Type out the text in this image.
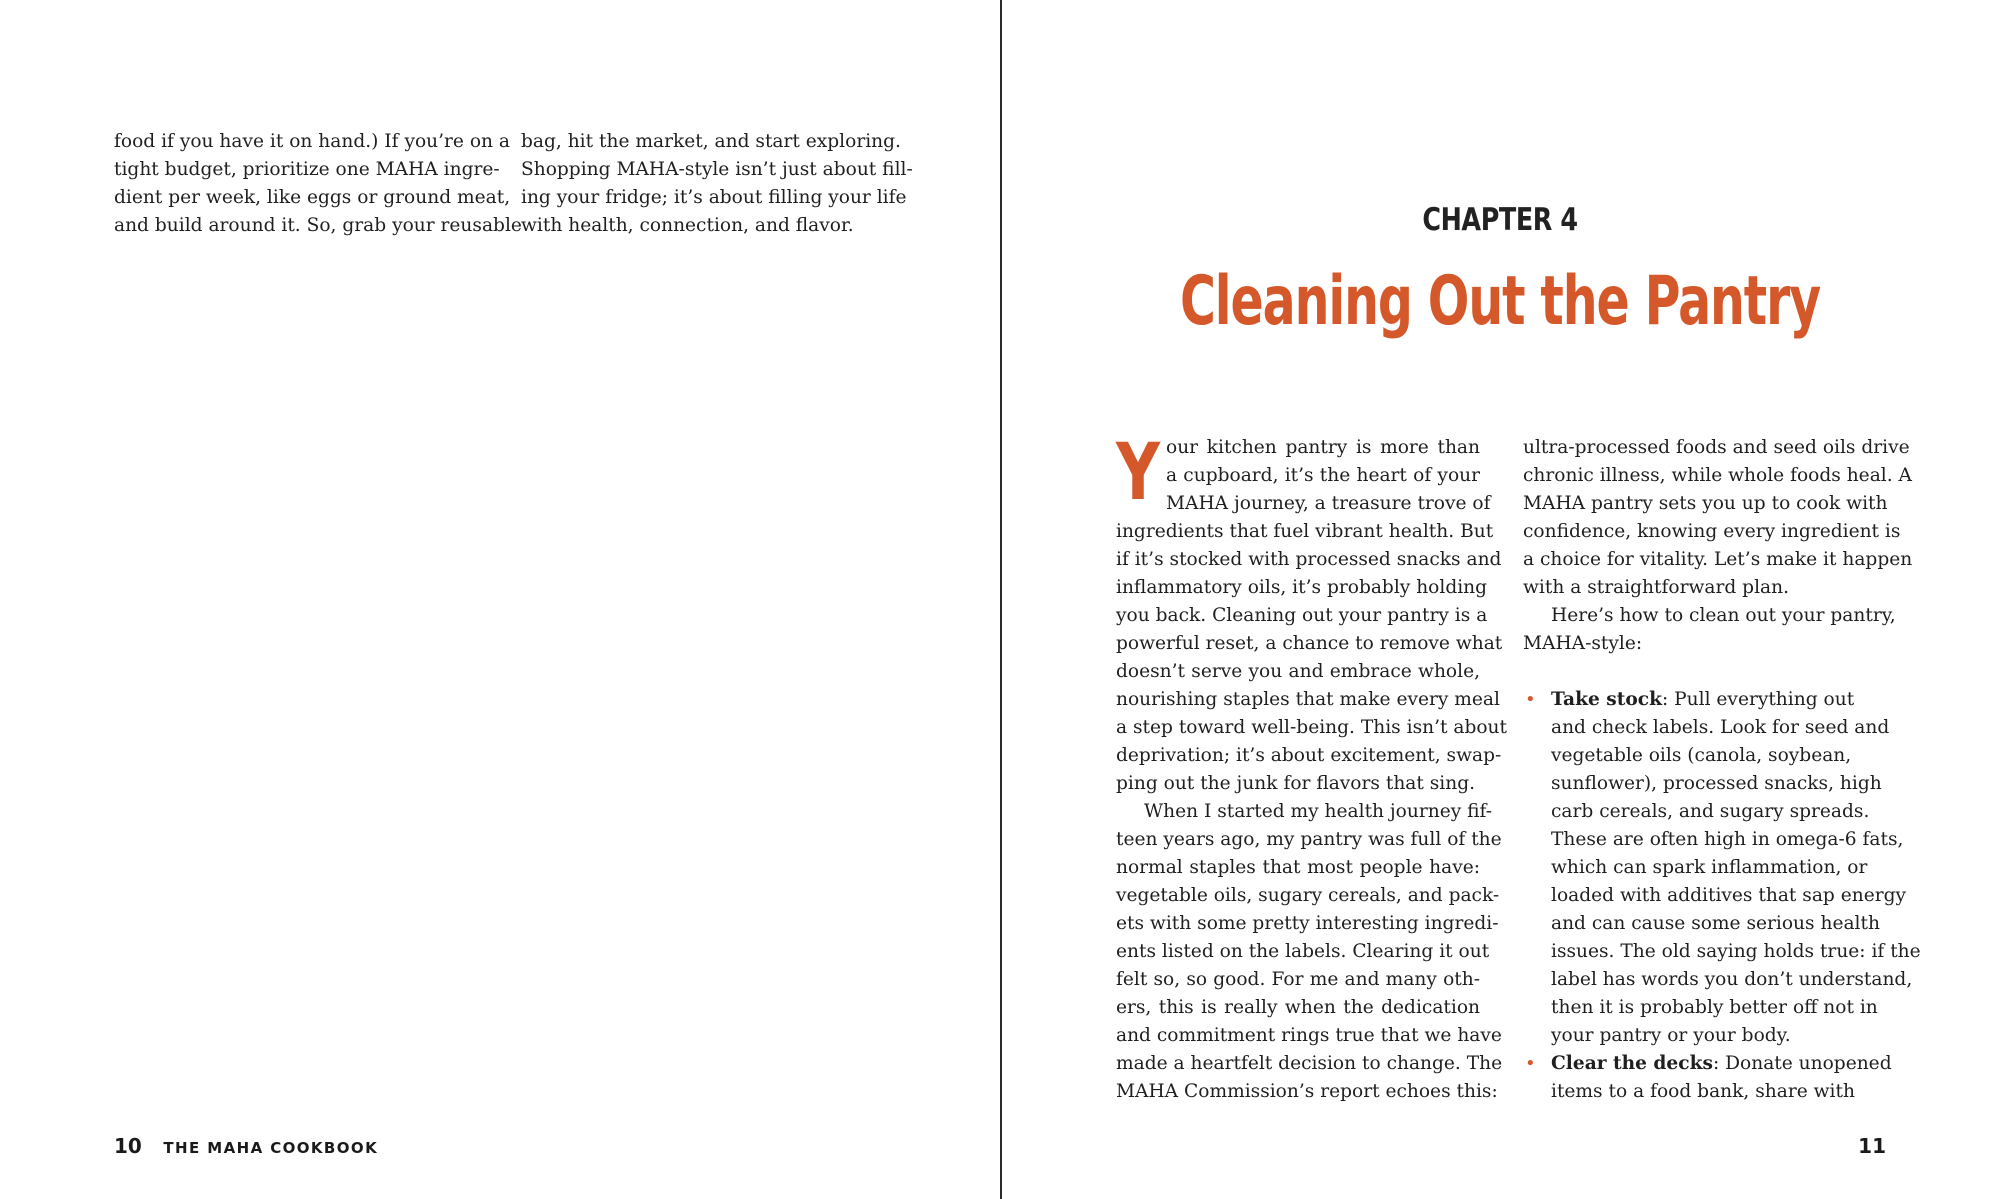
food if you have it on hand.) If you’re on a

tight budget, prioritize one MAHA ingre-

dient per week, like eggs or ground meat,

and build around it. So, grab your reusable

bag, hit the market, and start exploring.

Shopping MAHA-style isn’t just about fill-

ing your fridge; it’s about filling your life

with health, connection, and flavor.

10 THE MAHA COOKBOOK
CHAPTER 4
Cleaning Out the Pantry
Y our kitchen pantry is more than

a cupboard, it’s the heart of your

MAHA journey, a treasure trove of

ingredients that fuel vibrant health. But

if it’s stocked with processed snacks and

inflammatory oils, it’s probably holding

you back. Cleaning out your pantry is a

powerful reset, a chance to remove what

doesn’t serve you and embrace whole,

nourishing staples that make every meal

a step toward well-being. This isn’t about

deprivation; it’s about excitement, swap-

ping out the junk for flavors that sing.

When I started my health journey fif-

teen years ago, my pantry was full of the

normal staples that most people have:

vegetable oils, sugary cereals, and pack-

ets with some pretty interesting ingredi-

ents listed on the labels. Clearing it out

felt so, so good. For me and many oth-

ers, this is really when the dedication

and commitment rings true that we have

made a heartfelt decision to change. The

MAHA Commission’s report echoes this:

ultra-processed foods and seed oils drive

chronic illness, while whole foods heal. A

MAHA pantry sets you up to cook with

confidence, knowing every ingredient is

a choice for vitality. Let’s make it happen

with a straightforward plan.

Here’s how to clean out your pantry,

MAHA-style:

• Take stock: Pull everything out

and check labels. Look for seed and

vegetable oils (canola, soybean,

sunflower), processed snacks, high

carb cereals, and sugary spreads.

These are often high in omega-6 fats,

which can spark inflammation, or

loaded with additives that sap energy

and can cause some serious health

issues. The old saying holds true: if the

label has words you don’t understand,

then it is probably better off not in

your pantry or your body.

• Clear the decks: Donate unopened

items to a food bank, share with

11
